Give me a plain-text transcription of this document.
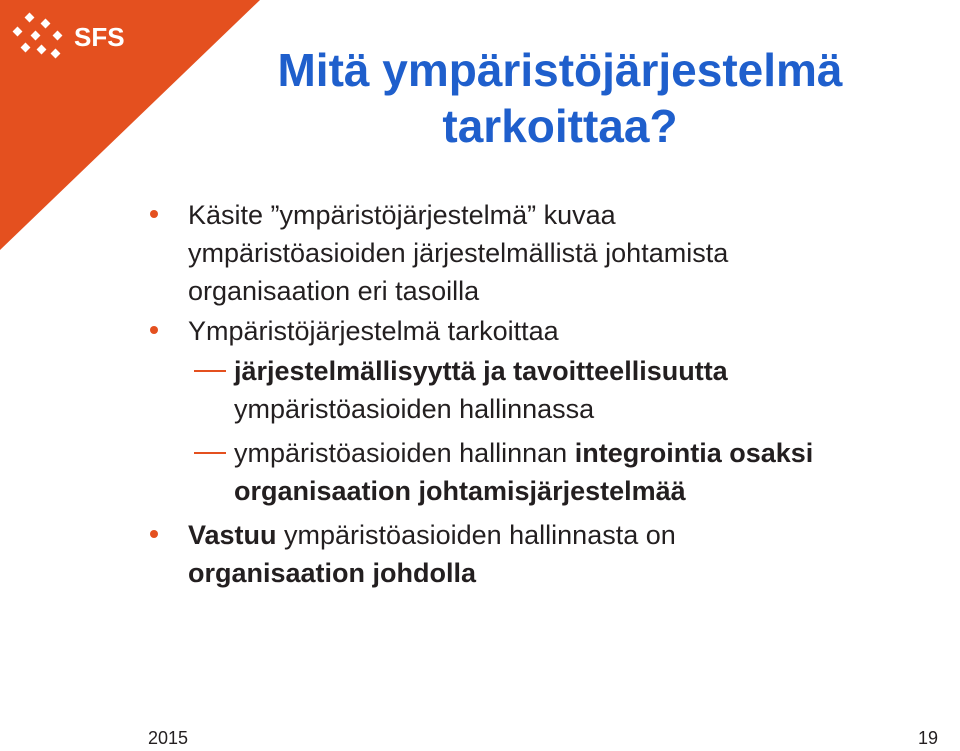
SFS
Mitä ympäristöjärjestelmä
tarkoittaa?
Käsite ”ympäristöjärjestelmä” kuvaa
ympäristöasioiden järjestelmällistä johtamista
organisaation eri tasoilla
Ympäristöjärjestelmä tarkoittaa
järjestelmällisyyttä ja tavoitteellisuutta
ympäristöasioiden hallinnassa
ympäristöasioiden hallinnan integrointia osaksi
organisaation johtamisjärjestelmää
Vastuu ympäristöasioiden hallinnasta on
organisaation johdolla
2015	19
